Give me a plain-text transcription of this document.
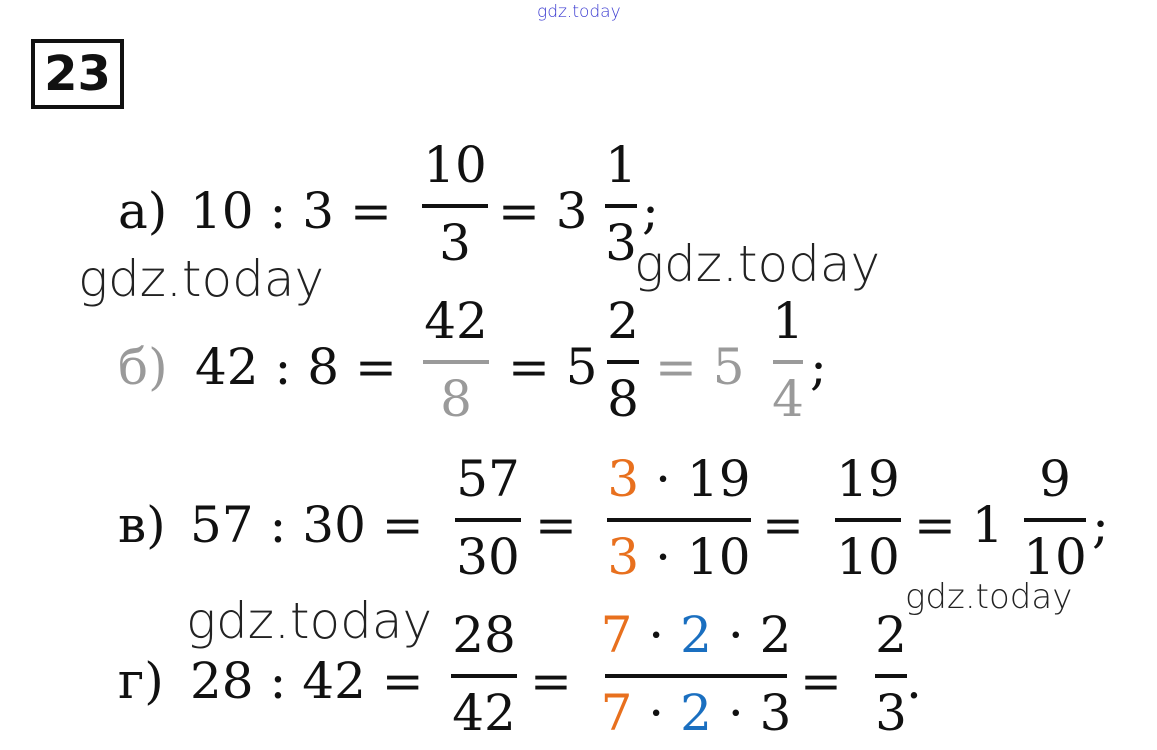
gdz.today
23
а) 10 : 3 =
10
3
= 3
1
3
;
б) 42 : 8 =
42
8
= 5
2
8
= 5
1
4
;
в) 57 : 30 =
57
30
=
3 · 19
3 · 10
=
19
10
= 1
9
10
;
г) 28 : 42 =
28
42
=
7 · 2 · 2
7 · 2 · 3
=
2
3
.
gdz.today	gdz.today
gdz.today	gdz.today
